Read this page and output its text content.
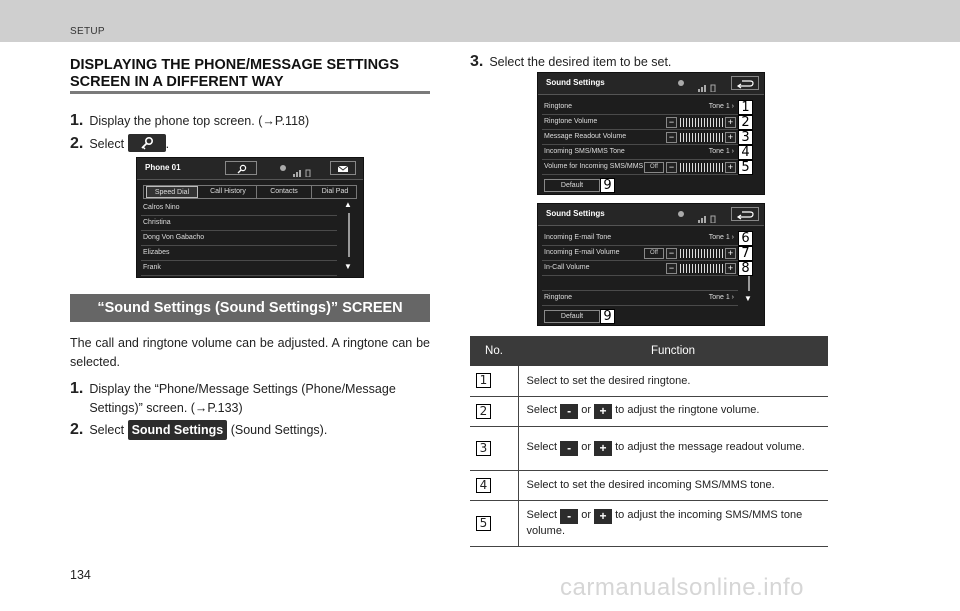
SETUP
DISPLAYING THE PHONE/MESSAGE SETTINGS SCREEN IN A DIFFERENT WAY
1. Display the phone top screen. (→P.118)
2. Select	.
Phone 01
Speed Dial	Call History	Contacts	Dial Pad
Calros Nino
Christina
Dong Von Gabacho
Elizabes
Frank
▲
▼
“Sound Settings (Sound Settings)” SCREEN
The call and ringtone volume can be adjusted. A ringtone can be selected.
1. Display the “Phone/Message Settings (Phone/Message Settings)” screen. (→P.133)
2. Select Sound Settings (Sound Settings).
3. Select the desired item to be set.
Sound Settings
Ringtone	Tone 1 ›
Ringtone Volume	−	+
Message Readout Volume	−	+
Incoming SMS/MMS Tone	Tone 1 ›
Volume for Incoming SMS/MMS	Off	−	+
Default
1
2
3
4
5
9
Sound Settings
Incoming E-mail Tone	Tone 1 ›
Incoming E-mail Volume	Off	−	+
In-Call Volume	−	+
Ringtone	Tone 1 › ▼
Default
6
7
8
9
No.	Function
1	Select to set the desired ringtone.
2	Select - or + to adjust the ringtone volume.
3	Select - or + to adjust the message readout volume.
4	Select to set the desired incoming SMS/MMS tone.
5	Select - or + to adjust the incoming SMS/MMS tone volume.
134	carmanualsonline.info
